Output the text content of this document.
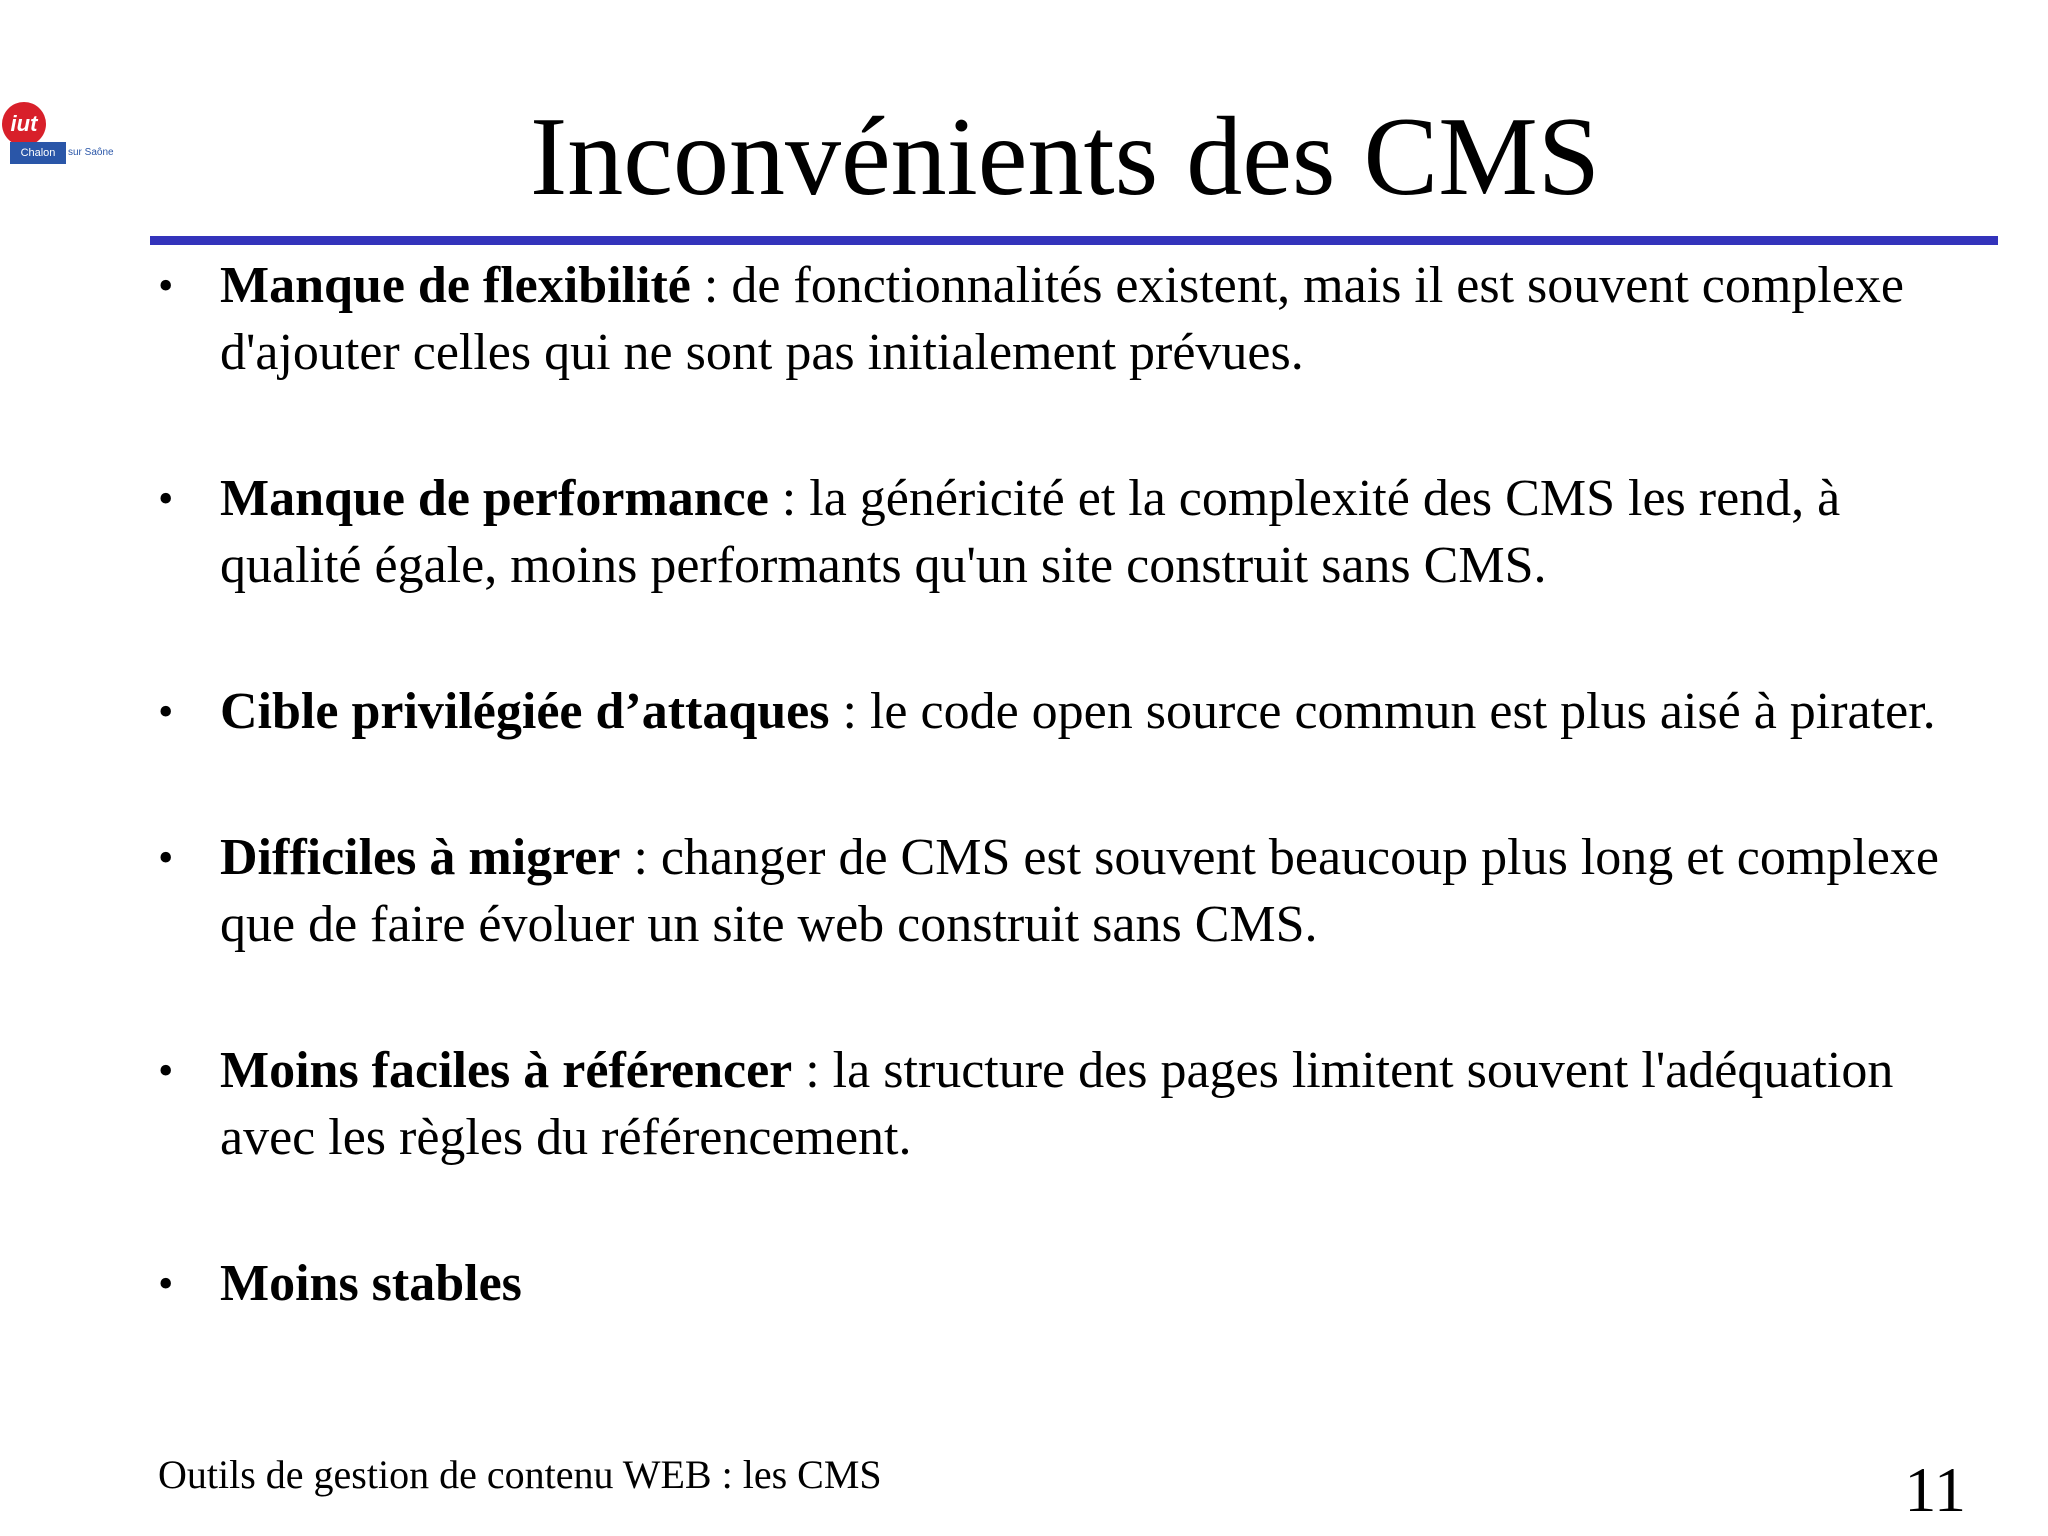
iut
Chalon	sur Saône	Inconvénients des CMS
• Manque de flexibilité : de fonctionnalités existent, mais il est souvent complexe d'ajouter celles qui ne sont pas initialement prévues.
• Manque de performance : la généricité et la complexité des CMS les rend, à qualité égale, moins performants qu'un site construit sans CMS.
• Cible privilégiée d’attaques : le code open source commun est plus aisé à pirater.
• Difficiles à migrer : changer de CMS est souvent beaucoup plus long et complexe que de faire évoluer un site web construit sans CMS.
• Moins faciles à référencer : la structure des pages limitent souvent l'adéquation avec les règles du référencement.
• Moins stables
Outils de gestion de contenu WEB : les CMS	11
